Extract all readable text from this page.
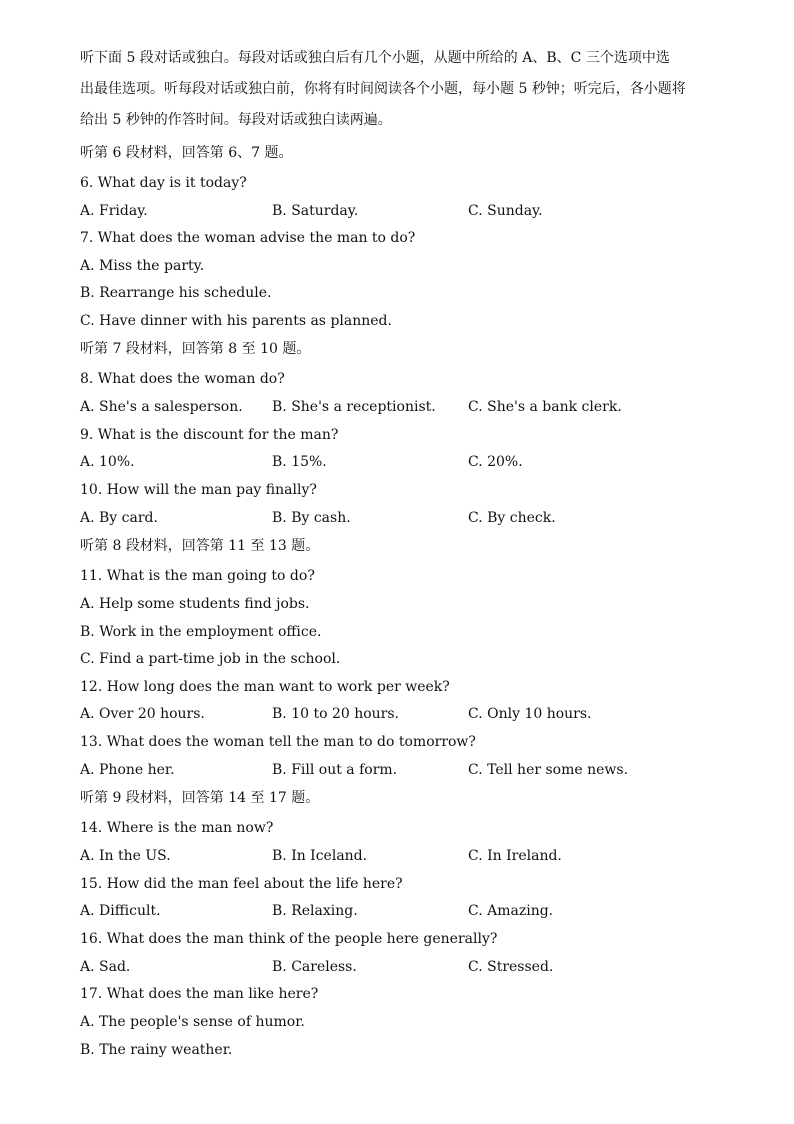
听下面 5 段对话或独白。每段对话或独白后有几个小题，从题中所给的 A、B、C 三个选项中选
出最佳选项。听每段对话或独白前，你将有时间阅读各个小题，每小题 5 秒钟；听完后，各小题将
给出 5 秒钟的作答时间。每段对话或独白读两遍。
听第 6 段材料，回答第 6、7 题。
6. What day is it today?
A. Friday.	B. Saturday.	C. Sunday.
7. What does the woman advise the man to do?
A. Miss the party.
B. Rearrange his schedule.
C. Have dinner with his parents as planned.
听第 7 段材料，回答第 8 至 10 题。
8. What does the woman do?
A. She's a salesperson. B. She's a receptionist. C. She's a bank clerk.
9. What is the discount for the man?
A. 10%.	B. 15%.	C. 20%.
10. How will the man pay finally?
A. By card.	B. By cash.	C. By check.
听第 8 段材料，回答第 11 至 13 题。
11. What is the man going to do?
A. Help some students find jobs.
B. Work in the employment office.
C. Find a part-time job in the school.
12. How long does the man want to work per week?
A. Over 20 hours.	B. 10 to 20 hours.	C. Only 10 hours.
13. What does the woman tell the man to do tomorrow?
A. Phone her.	B. Fill out a form.	C. Tell her some news.
听第 9 段材料，回答第 14 至 17 题。
14. Where is the man now?
A. In the US.	B. In Iceland.	C. In Ireland.
15. How did the man feel about the life here?
A. Difficult.	B. Relaxing.	C. Amazing.
16. What does the man think of the people here generally?
A. Sad.	B. Careless.	C. Stressed.
17. What does the man like here?
A. The people's sense of humor.
B. The rainy weather.
